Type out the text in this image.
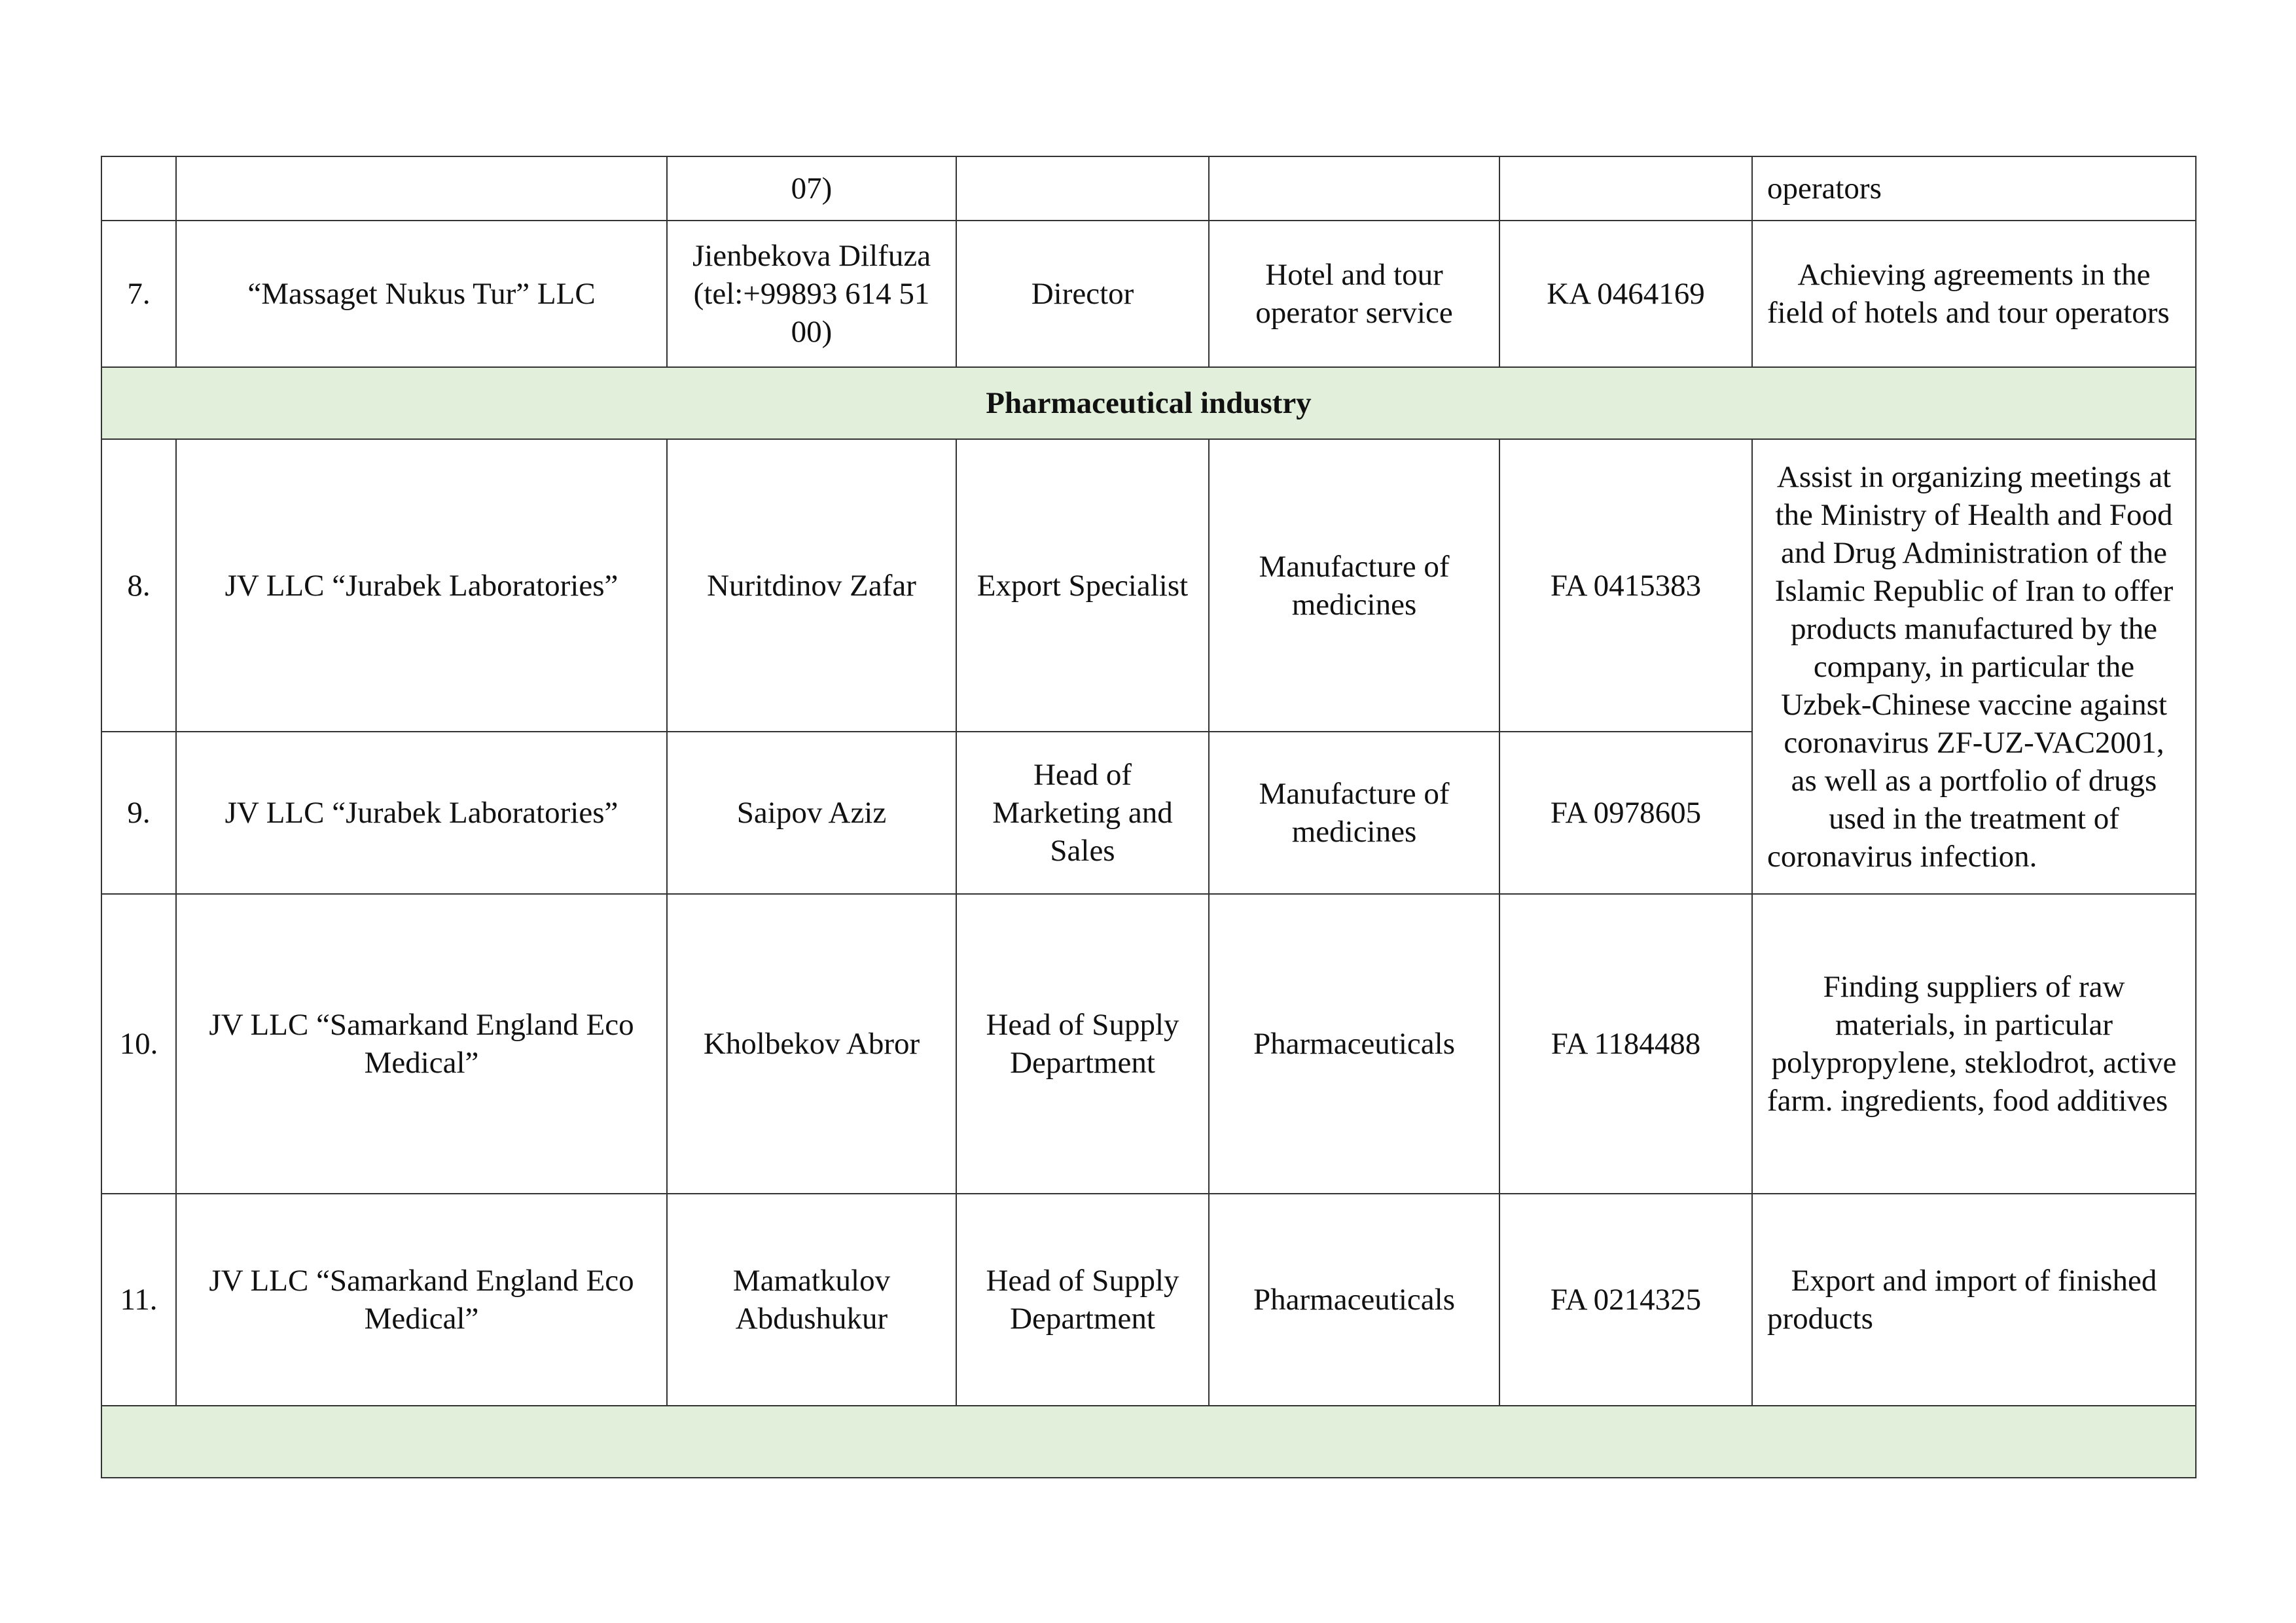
		07)				operators
7.	“Massaget Nukus Tur” LLC	Jienbekova Dilfuza (tel:+99893 614 51 00)	Director	Hotel and tour operator service	KA 0464169	Achieving agreements in the field of hotels and tour operators
Pharmaceutical industry						
8.	JV LLC “Jurabek Laboratories”	Nuritdinov Zafar	Export Specialist	Manufacture of medicines	FA 0415383	Assist in organizing meetings at the Ministry of Health and Food and Drug Administration of the Islamic Republic of Iran to offer products manufactured by the company, in particular the Uzbek-Chinese vaccine against coronavirus ZF-UZ-VAC2001, as well as a portfolio of drugs used in the treatment of coronavirus infection.
9.	JV LLC “Jurabek Laboratories”	Saipov Aziz	Head of Marketing and Sales	Manufacture of medicines	FA 0978605	
10.	JV LLC “Samarkand England Eco Medical”	Kholbekov Abror	Head of Supply Department	Pharmaceuticals	FA 1184488	Finding suppliers of raw materials, in particular polypropylene, steklodrot, active farm. ingredients, food additives
11.	JV LLC “Samarkand England Eco Medical”	Mamatkulov Abdushukur	Head of Supply Department	Pharmaceuticals	FA 0214325	Export and import of finished products
